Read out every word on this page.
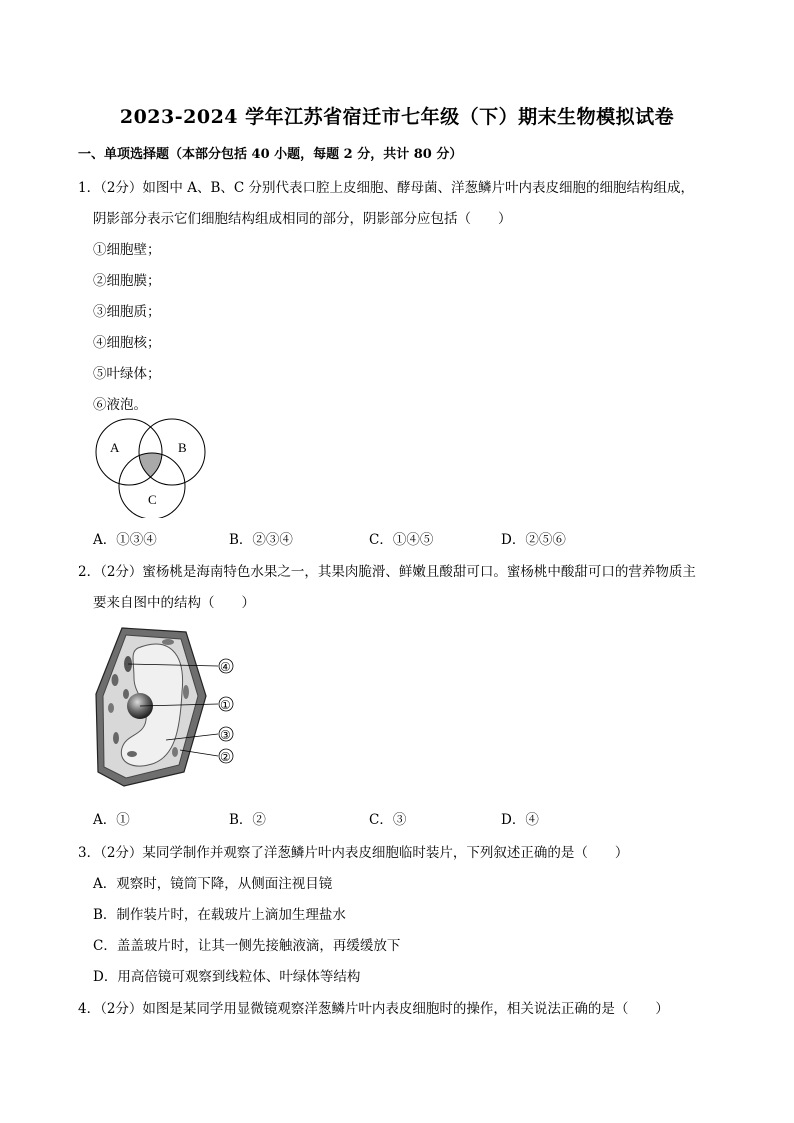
2023-2024 学年江苏省宿迁市七年级（下）期末生物模拟试卷
一、单项选择题（本部分包括 40 小题，每题 2 分，共计 80 分）
1．（2分）如图中 A、B、C 分别代表口腔上皮细胞、酵母菌、洋葱鳞片叶内表皮细胞的细胞结构组成，
阴影部分表示它们细胞结构组成相同的部分，阴影部分应包括（　　）
①细胞壁；
②细胞膜；
③细胞质；
④细胞核；
⑤叶绿体；
⑥液泡。
A	B
C
A．①③④	B．②③④	C．①④⑤	D．②⑤⑥
2．（2分）蜜杨桃是海南特色水果之一，其果肉脆滑、鲜嫩且酸甜可口。蜜杨桃中酸甜可口的营养物质主
要来自图中的结构（　　）
④
①
③
②
A．①	B．②	C．③	D．④
3．（2分）某同学制作并观察了洋葱鳞片叶内表皮细胞临时装片，下列叙述正确的是（　　）
A．观察时，镜筒下降，从侧面注视目镜
B．制作装片时，在载玻片上滴加生理盐水
C．盖盖玻片时，让其一侧先接触液滴，再缓缓放下
D．用高倍镜可观察到线粒体、叶绿体等结构
4．（2分）如图是某同学用显微镜观察洋葱鳞片叶内表皮细胞时的操作，相关说法正确的是（　　）
